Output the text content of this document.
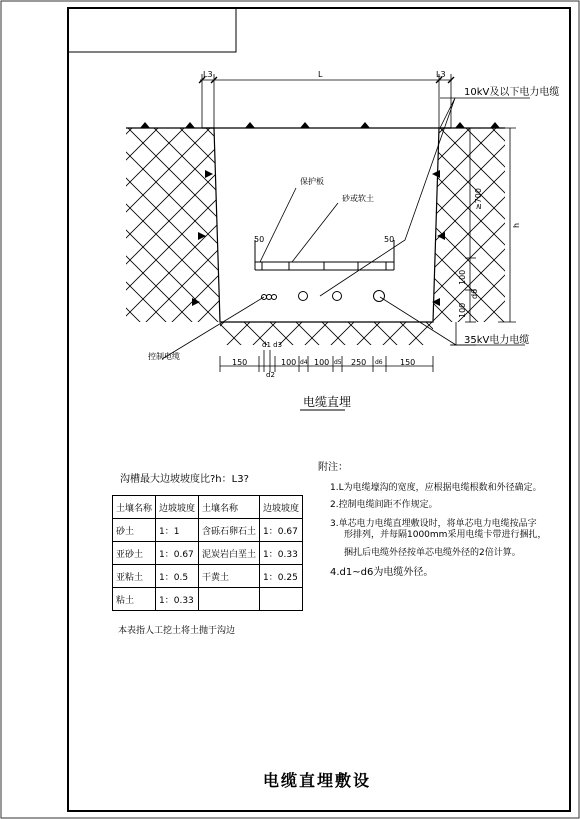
L3	L	L3
10kV及以下电力电缆
保护板
砂或软土	≥700
h
50	50
100
d6
100
35kV电力电缆
控制电缆
d1 d3
d2
150	100 d4 100 d5 250 d6 150
电缆直埋
沟槽最大边坡坡度比?h：L3?
土壤名称	边坡坡度	土壤名称	边坡坡度
砂土	1：1	含砾石卵石土	1：0.67
亚砂土	1：0.67	泥炭岩白垩土	1：0.33
亚粘土	1：0.5	干黄土	1：0.25
粘土	1：0.33		
本表指人工挖土将土抛于沟边
附注：
1.L为电缆壕沟的宽度，应根据电缆根数和外径确定。
2.控制电缆间距不作规定。
3.单芯电力电缆直埋敷设时，将单芯电力电缆按品字
形排列，并每隔1000mm采用电缆卡带进行捆扎，
捆扎后电缆外径按单芯电缆外径的2倍计算。
4.d1~d6为电缆外径。
电缆直埋敷设
